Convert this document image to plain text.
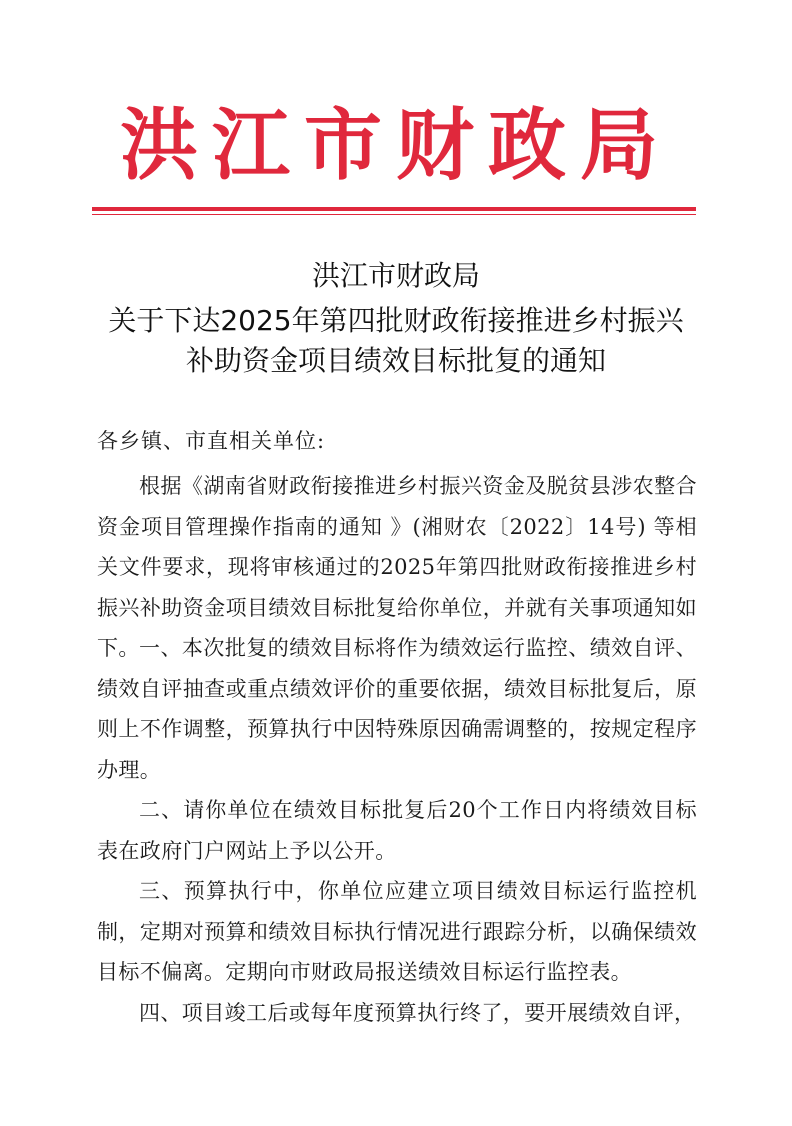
洪江市财政局
洪江市财政局
关于下达2025年第四批财政衔接推进乡村振兴
补助资金项目绩效目标批复的通知
各乡镇、市直相关单位:
根据《湖南省财政衔接推进乡村振兴资金及脱贫县涉农整合资金项目管理操作指南的通知 》(湘财农〔2022〕14号) 等相关文件要求，现将审核通过的2025年第四批财政衔接推进乡村振兴补助资金项目绩效目标批复给你单位，并就有关事项通知如下。 一、本次批复的绩效目标将作为绩效运行监控、绩效自评、绩效自评抽查或重点绩效评价的重要依据，绩效目标批复后，原则上不作调整，预算执行中因特殊原因确需调整的，按规定程序办理。
二、请你单位在绩效目标批复后20个工作日内将绩效目标表在政府门户网站上予以公开。
三、预算执行中，你单位应建立项目绩效目标运行监控机制，定期对预算和绩效目标执行情况进行跟踪分析，以确保绩效目标不偏离。定期向市财政局报送绩效目标运行监控表。
四、项目竣工后或每年度预算执行终了，要开展绩效自评，
